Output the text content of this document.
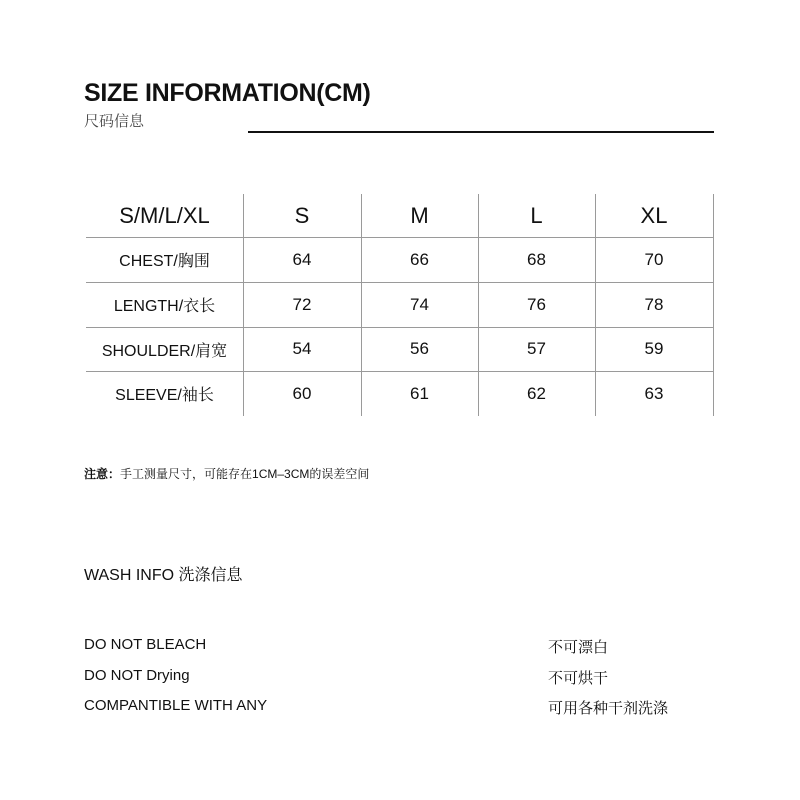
SIZE INFORMATION(CM)
尺码信息
S/M/L/XL	S	M	L	XL
CHEST/胸围	64	66	68	70
LENGTH/衣长	72	74	76	78
SHOULDER/肩宽	54	56	57	59
SLEEVE/袖长	60	61	62	63
注意：手工测量尺寸，可能存在1CM–3CM的误差空间
WASH INFO 洗涤信息
DO NOT BLEACH	不可漂白
DO NOT Drying	不可烘干
COMPANTIBLE WITH ANY	可用各种干剂洗涤
